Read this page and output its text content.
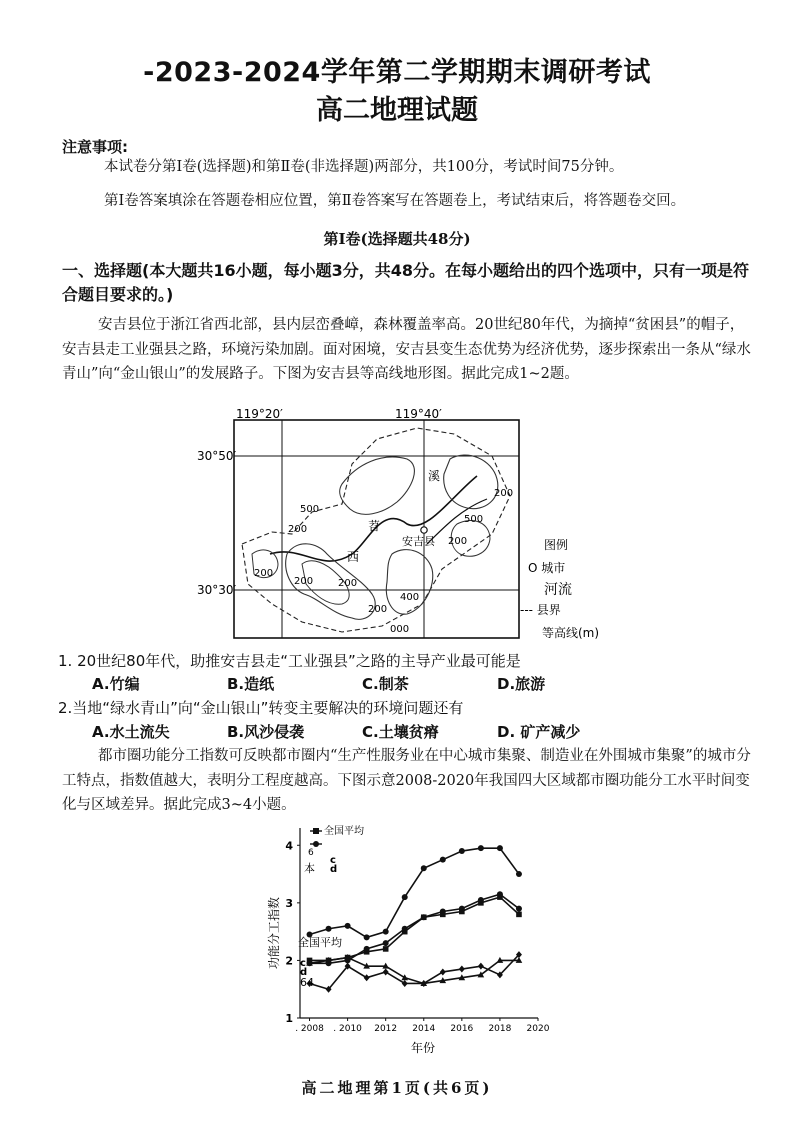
-2023-2024学年第二学期期末调研考试
高二地理试题
注意事项:
本试卷分第Ⅰ卷(选择题)和第Ⅱ卷(非选择题)两部分，共100分，考试时间75分钟。
第Ⅰ卷答案填涂在答题卷相应位置，第Ⅱ卷答案写在答题卷上，考试结束后，将答题卷交回。
第Ⅰ卷(选择题共48分)
一、选择题(本大题共16小题，每小题3分，共48分。在每小题给出的四个选项中，只有一项是符合题目要求的。)
安吉县位于浙江省西北部，县内层峦叠嶂，森林覆盖率高。20世纪80年代，为摘掉“贫困县”的帽子，安吉县走工业强县之路，环境污染加剧。面对困境，安吉县变生态优势为经济优势，逐步探索出一条从“绿水青山”向“金山银山”的发展路子。下图为安吉县等高线地形图。据此完成1~2题。
119°20′	119°40′
30°50′
30°30′
500
200
200
200 200
200
400
200
500
000
200
溪
苕
西
安吉县	图例
O 城市
河流
--- 县界
等高线(m)
1. 20世纪80年代，助推安吉县走“工业强县”之路的主导产业最可能是
A.竹编	B.造纸	C.制茶	D.旅游
2.当地“绿水青山”向“金山银山”转变主要解决的环境问题还有
A.水土流失	B.风沙侵袭	C.土壤贫瘠	D. 矿产减少
都市圈功能分工指数可反映都市圈内“生产性服务业在中心城市集聚、制造业在外围城市集聚”的城市分工特点，指数值越大，表明分工程度越高。下图示意2008-2020年我国四大区域都市圈功能分工水平时间变化与区域差异。据此完成3~4小题。
功能分工指数
年份
. 2008 . 2010 2012 2014 2016 2018 2020
1
2
3
4
全国平均
6
c
d
本
全国平均
c
d
64
高二地理第1页(共6页)
